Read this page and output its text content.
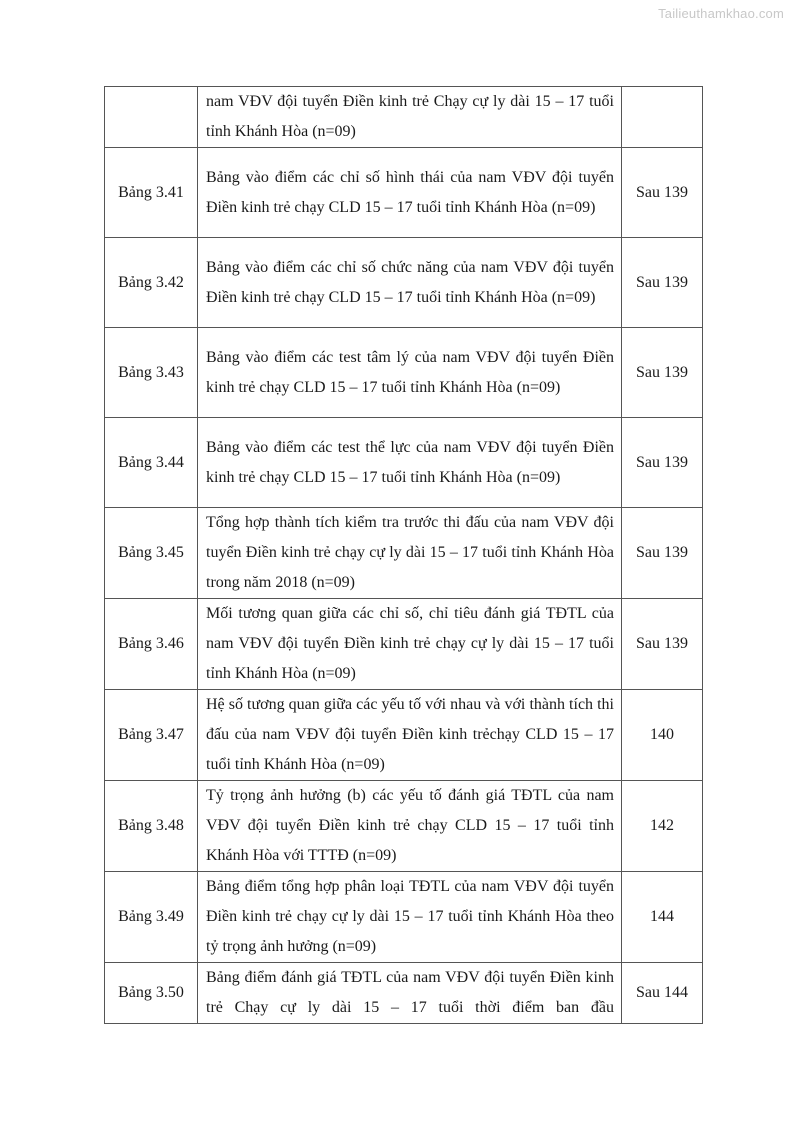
Tailieuthamkhao.com
	nam VĐV đội tuyển Điền kinh trẻ Chạy cự ly dài 15 – 17 tuổi tỉnh Khánh Hòa (n=09)	
Bảng 3.41	Bảng vào điểm các chỉ số hình thái của nam VĐV đội tuyển Điền kinh trẻ chạy CLD 15 – 17 tuổi tỉnh Khánh Hòa (n=09)	Sau 139
Bảng 3.42	Bảng vào điểm các chỉ số chức năng của nam VĐV đội tuyển Điền kinh trẻ chạy CLD 15 – 17 tuổi tỉnh Khánh Hòa (n=09)	Sau 139
Bảng 3.43	Bảng vào điểm các test tâm lý của nam VĐV đội tuyển Điền kinh trẻ chạy CLD 15 – 17 tuổi tỉnh Khánh Hòa (n=09)	Sau 139
Bảng 3.44	Bảng vào điểm các test thể lực của nam VĐV đội tuyển Điền kinh trẻ chạy CLD 15 – 17 tuổi tỉnh Khánh Hòa (n=09)	Sau 139
Bảng 3.45	Tổng hợp thành tích kiểm tra trước thi đấu của nam VĐV đội tuyển Điền kinh trẻ chạy cự ly dài 15 – 17 tuổi tỉnh Khánh Hòa trong năm 2018 (n=09)	Sau 139
Bảng 3.46	Mối tương quan giữa các chỉ số, chỉ tiêu đánh giá TĐTL của nam VĐV đội tuyển Điền kinh trẻ chạy cự ly dài 15 – 17 tuổi tỉnh Khánh Hòa (n=09)	Sau 139
Bảng 3.47	Hệ số tương quan giữa các yếu tố với nhau và với thành tích thi đấu của nam VĐV đội tuyển Điền kinh trẻchạy CLD 15 – 17 tuổi tỉnh Khánh Hòa (n=09)	140
Bảng 3.48	Tỷ trọng ảnh hưởng (b) các yếu tố đánh giá TĐTL của nam VĐV đội tuyển Điền kinh trẻ chạy CLD 15 – 17 tuổi tỉnh Khánh Hòa với TTTĐ (n=09)	142
Bảng 3.49	Bảng điểm tổng hợp phân loại TĐTL của nam VĐV đội tuyển Điền kinh trẻ chạy cự ly dài 15 – 17 tuổi tỉnh Khánh Hòa theo tỷ trọng ảnh hưởng (n=09)	144
Bảng 3.50	Bảng điểm đánh giá TĐTL của nam VĐV đội tuyển Điền kinh trẻ Chạy cự ly dài 15 – 17 tuổi thời điểm ban đầu	Sau 144
